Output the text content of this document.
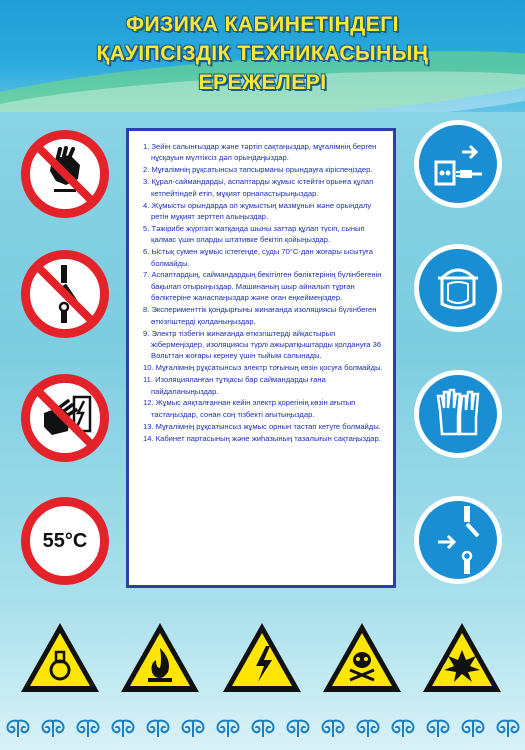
ФИЗИКА КАБИНЕТІНДЕГІ
ҚАУІПСІЗДІК ТЕХНИКАСЫНЫҢ
ЕРЕЖЕЛЕРІ
55°C
1. Зейін салынғыздар және тәртіп сақтаңыздар, мұғалімнің берген нұсқауын мүлтіксіз дәл орындаңыздар.
2. Мұғалімнің рұқсатынсыз тапсырманы орындауға кіріспеңіздер.
3. Құрал-саймандарды, аспаптарды жұмыс істейтін орынға құлап кетпейтіндей етіп, мұқият орналастырыңыздар.
4. Жұмысты орындарда ол жұмыстың мазмұнын және орындалу ретін мұқият зерттеп алыңыздар.
5. Тәжірибе жүргізіп жатқанда шыны заттар құлап түсіп, сынып қалмас үшін оларды штативке бекітіп қойыңыздар.
6. Ыстық сумен жұмыс істегенде, суды 70°С-дан жоғары ысытуға болмайды.
7. Аспаптардың, саймандардың бекітілген бөліктерінің бүлінбегенін бақылап отырыңыздар. Машинаның шыр айналып тұрған бөліктеріне жанаспаңыздар және оған еңкеймеңіздер.
8. Эксперименттік қондырғыны жинағанда изоляциясы бүлінбеген өткізгіштерді қолданыңыздар.
9. Электр тізбегін жинағанда өткізгіштерді айқастырып жібермеңіздер, изоляциясы түрлі ажыратқыштарды қолдануға 36 Вольттан жоғары кернеу үшін тыйым салынады.
10. Мұғалімнің рұқсатынсыз электр тоғының көзін қосуға болмайды.
11. Изоляцияланған тұтқасы бар саймандарды ғана пайдаланыңыздар.
12. Жұмыс аяқталғаннан кейін электр қорегінің көзін ағытып тастаңыздар, сонан соң тізбекті ағытыңыздар.
13. Мұғалімнің рұқсатынсыз жұмыс орнын тастап кетуге болмайды.
14. Кабинет партасының және жиһазының тазалығын сақтаңыздар.
